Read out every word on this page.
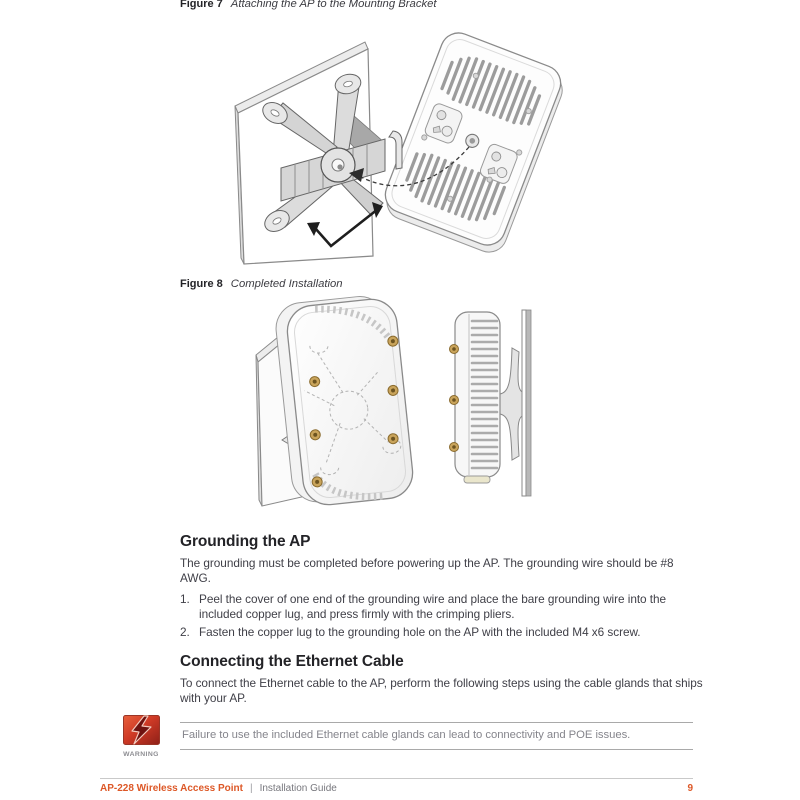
Figure 7 Attaching the AP to the Mounting Bracket
Figure 8 Completed Installation
Grounding the AP
The grounding must be completed before powering up the AP. The grounding wire should be #8
AWG.
1. Peel the cover of one end of the grounding wire and place the bare grounding wire into the
included copper lug, and press firmly with the crimping pliers.
2. Fasten the copper lug to the grounding hole on the AP with the included M4 x6 screw.
Connecting the Ethernet Cable
To connect the Ethernet cable to the AP, perform the following steps using the cable glands that ships
with your AP.
WARNING
Failure to use the included Ethernet cable glands can lead to connectivity and POE issues.
AP-228 Wireless Access Point | Installation Guide	9
